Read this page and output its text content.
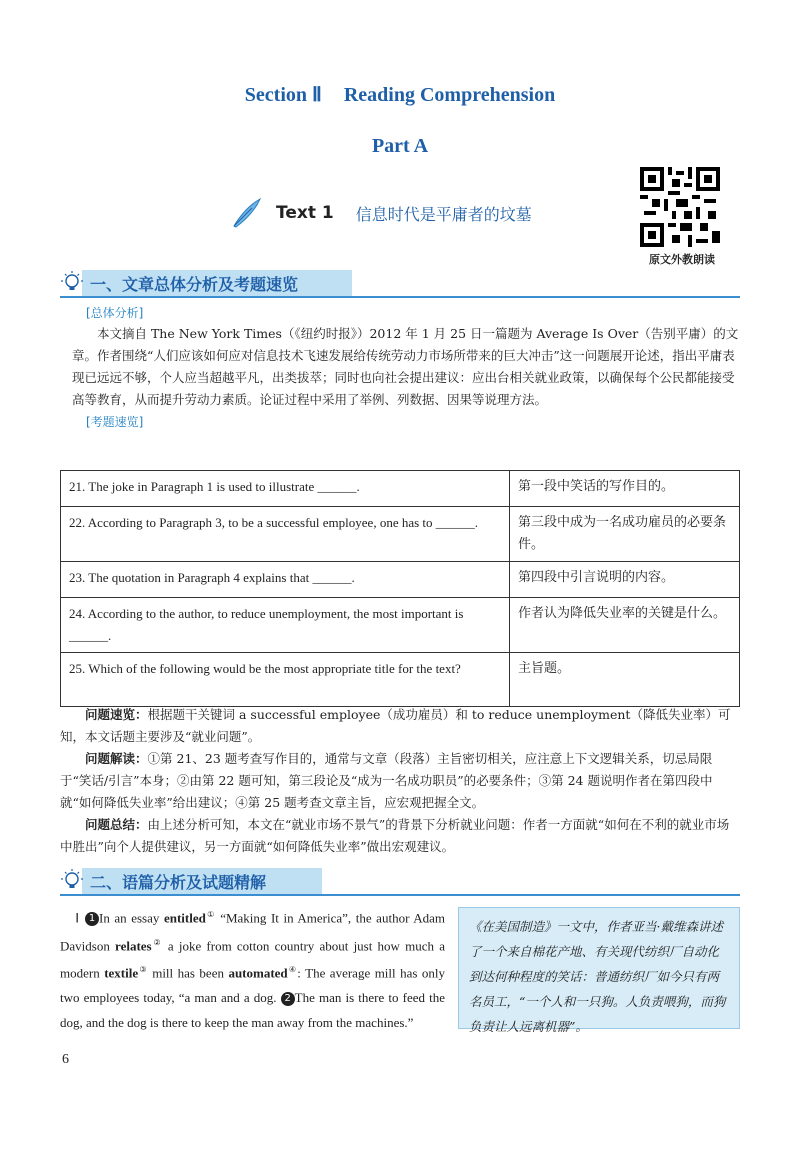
Section Ⅱ Reading Comprehension
Part A
Text 1 信息时代是平庸者的坟墓
原文外教朗读
一、文章总体分析及考题速览
[总体分析]

本文摘自 The New York Times（《纽约时报》）2012 年 1 月 25 日一篇题为 Average Is Over（告别平庸）的文章。作者围绕“人们应该如何应对信息技术飞速发展给传统劳动力市场所带来的巨大冲击”这一问题展开论述，指出平庸表现已远远不够，个人应当超越平凡，出类拔萃；同时也向社会提出建议：应出台相关就业政策，以确保每个公民都能接受高等教育，从而提升劳动力素质。论证过程中采用了举例、列数据、因果等说理方法。

[考题速览]
21. The joke in Paragraph 1 is used to illustrate ______.	第一段中笑话的写作目的。
22. According to Paragraph 3, to be a successful employee, one has to ______.	第三段中成为一名成功雇员的必要条件。
23. The quotation in Paragraph 4 explains that ______.	第四段中引言说明的内容。
24. According to the author, to reduce unemployment, the most important is ______.	作者认为降低失业率的关键是什么。
25. Which of the following would be the most appropriate title for the text?	主旨题。

问题速览：根据题干关键词 a successful employee（成功雇员）和 to reduce unemployment（降低失业率）可知，本文话题主要涉及“就业问题”。

问题解读：①第 21、23 题考查写作目的，通常与文章（段落）主旨密切相关，应注意上下文逻辑关系，切忌局限于“笑话/引言”本身；②由第 22 题可知，第三段论及“成为一名成功职员”的必要条件；③第 24 题说明作者在第四段中就“如何降低失业率”给出建议；④第 25 题考查文章主旨，应宏观把握全文。

问题总结：由上述分析可知，本文在“就业市场不景气”的背景下分析就业问题：作者一方面就“如何在不利的就业市场中胜出”向个人提供建议，另一方面就“如何降低失业率”做出宏观建议。

二、语篇分析及试题精解
Ⅰ 1 In an essay entitled① “Making It in America”, the author Adam Davidson relates② a joke from cotton country about just how much a modern textile③ mill has been automated④: The average mill has only two employees today, “a man and a dog. 2 The man is there to feed the dog, and the dog is there to keep the man away from the machines.”
《在美国制造》一文中，作者亚当·戴维森讲述了一个来自棉花产地、有关现代纺织厂自动化到达何种程度的笑话：普通纺织厂如今只有两名员工，“一个人和一只狗。人负责喂狗，而狗负责让人远离机器”。
6
